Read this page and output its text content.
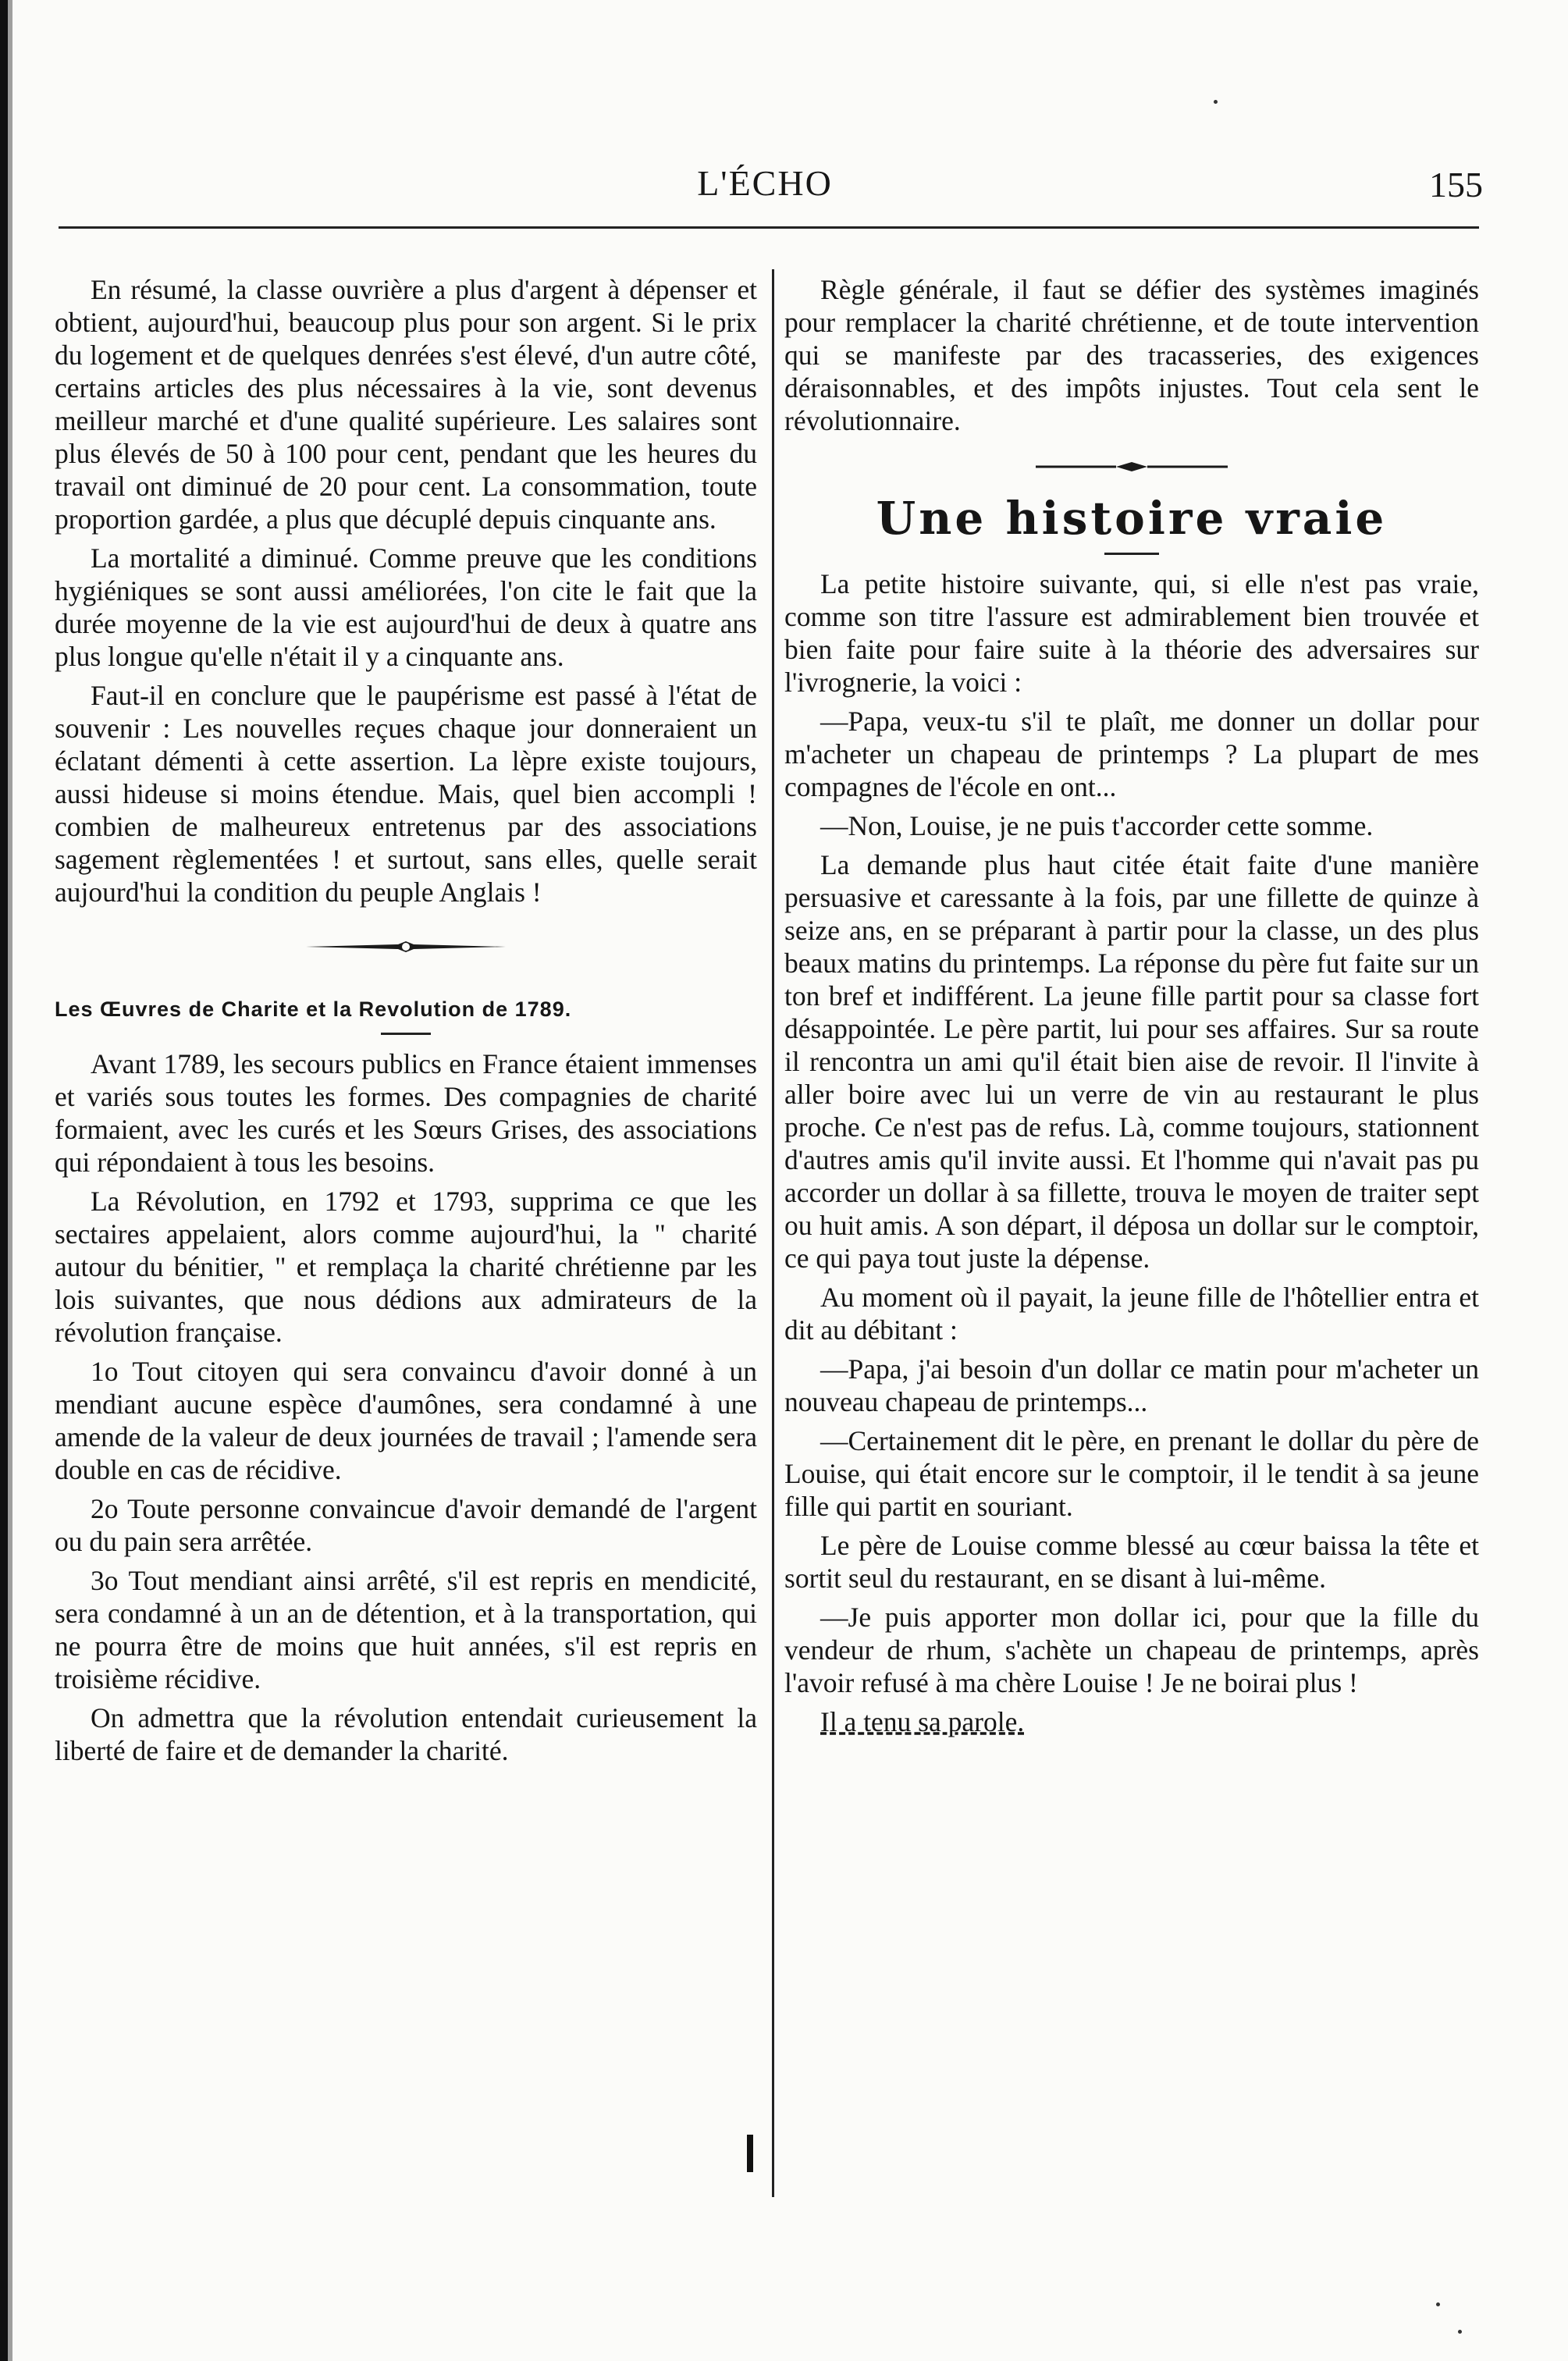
L'ÉCHO	155

En résumé, la classe ouvrière a plus d'argent à dépenser et obtient, aujourd'hui, beaucoup plus pour son argent. Si le prix du logement et de quelques denrées s'est élevé, d'un autre côté, certains articles des plus nécessaires à la vie, sont devenus meilleur marché et d'une qualité supérieure. Les salaires sont plus élevés de 50 à 100 pour cent, pendant que les heures du travail ont diminué de 20 pour cent. La consommation, toute proportion gardée, a plus que décuplé depuis cinquante ans.

La mortalité a diminué. Comme preuve que les conditions hygiéniques se sont aussi améliorées, l'on cite le fait que la durée moyenne de la vie est aujourd'hui de deux à quatre ans plus longue qu'elle n'était il y a cinquante ans.

Faut-il en conclure que le paupérisme est passé à l'état de souvenir : Les nouvelles reçues chaque jour donneraient un éclatant démenti à cette assertion. La lèpre existe toujours, aussi hideuse si moins étendue. Mais, quel bien accompli ! combien de malheureux entretenus par des associations sagement règlementées ! et surtout, sans elles, quelle serait aujourd'hui la condition du peuple Anglais !

Les Œuvres de Charite et la Revolution de 1789.

Avant 1789, les secours publics en France étaient immenses et variés sous toutes les formes. Des compagnies de charité formaient, avec les curés et les Sœurs Grises, des associations qui répondaient à tous les besoins.

La Révolution, en 1792 et 1793, supprima ce que les sectaires appelaient, alors comme aujourd'hui, la " charité autour du bénitier, " et remplaça la charité chrétienne par les lois suivantes, que nous dédions aux admirateurs de la révolution française.

1o Tout citoyen qui sera convaincu d'avoir donné à un mendiant aucune espèce d'aumônes, sera condamné à une amende de la valeur de deux journées de travail ; l'amende sera double en cas de récidive.

2o Toute personne convaincue d'avoir demandé de l'argent ou du pain sera arrêtée.

3o Tout mendiant ainsi arrêté, s'il est repris en mendicité, sera condamné à un an de détention, et à la transportation, qui ne pourra être de moins que huit années, s'il est repris en troisième récidive.

On admettra que la révolution entendait curieusement la liberté de faire et de demander la charité.

Règle générale, il faut se défier des systèmes imaginés pour remplacer la charité chrétienne, et de toute intervention qui se manifeste par des tracasseries, des exigences déraisonnables, et des impôts injustes. Tout cela sent le révolutionnaire.

Une histoire vraie

La petite histoire suivante, qui, si elle n'est pas vraie, comme son titre l'assure est admirablement bien trouvée et bien faite pour faire suite à la théorie des adversaires sur l'ivrognerie, la voici :

—Papa, veux-tu s'il te plaît, me donner un dollar pour m'acheter un chapeau de printemps ? La plupart de mes compagnes de l'école en ont...

—Non, Louise, je ne puis t'accorder cette somme.

La demande plus haut citée était faite d'une manière persuasive et caressante à la fois, par une fillette de quinze à seize ans, en se préparant à partir pour la classe, un des plus beaux matins du printemps. La réponse du père fut faite sur un ton bref et indifférent. La jeune fille partit pour sa classe fort désappointée. Le père partit, lui pour ses affaires. Sur sa route il rencontra un ami qu'il était bien aise de revoir. Il l'invite à aller boire avec lui un verre de vin au restaurant le plus proche. Ce n'est pas de refus. Là, comme toujours, stationnent d'autres amis qu'il invite aussi. Et l'homme qui n'avait pas pu accorder un dollar à sa fillette, trouva le moyen de traiter sept ou huit amis. A son départ, il déposa un dollar sur le comptoir, ce qui paya tout juste la dépense.

Au moment où il payait, la jeune fille de l'hôtellier entra et dit au débitant :

—Papa, j'ai besoin d'un dollar ce matin pour m'acheter un nouveau chapeau de printemps...

—Certainement dit le père, en prenant le dollar du père de Louise, qui était encore sur le comptoir, il le tendit à sa jeune fille qui partit en souriant.

Le père de Louise comme blessé au cœur baissa la tête et sortit seul du restaurant, en se disant à lui-même.

—Je puis apporter mon dollar ici, pour que la fille du vendeur de rhum, s'achète un chapeau de printemps, après l'avoir refusé à ma chère Louise ! Je ne boirai plus !

Il a tenu sa parole.
